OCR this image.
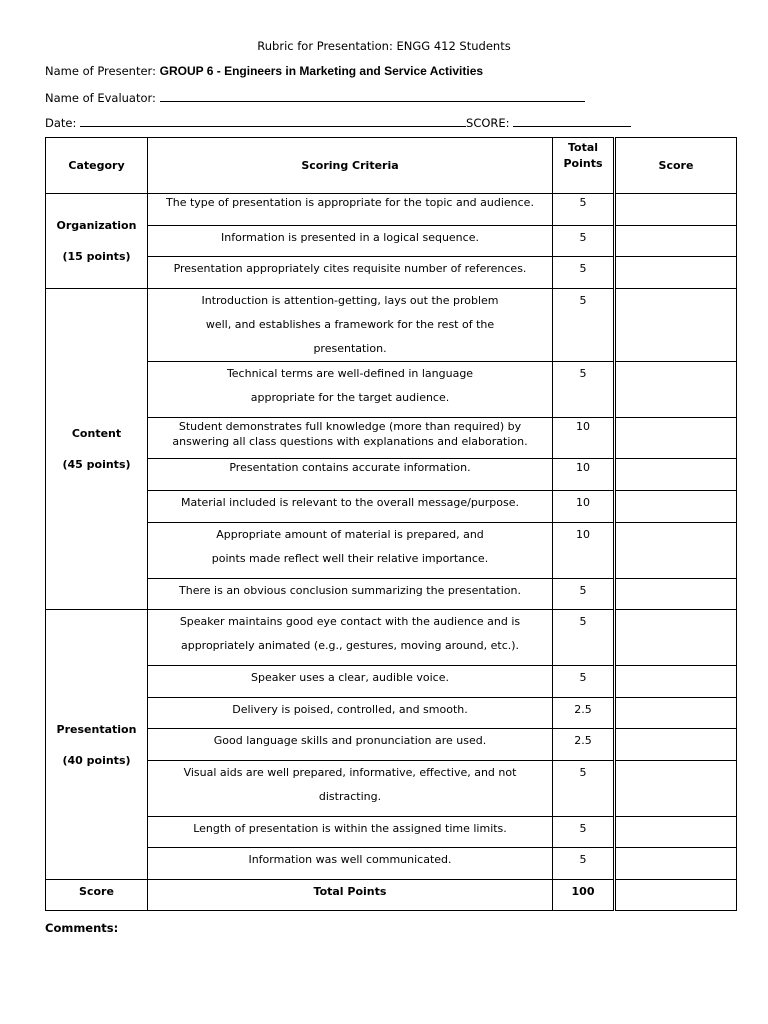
Rubric for Presentation: ENGG 412 Students
Name of Presenter: GROUP 6 - Engineers in Marketing and Service Activities
Name of Evaluator:
Date:	SCORE:
Category	Scoring Criteria	Total Points	Score

Organization
(15 points)	The type of presentation is appropriate for the topic and audience.	5	
	Information is presented in a logical sequence.	5	
	Presentation appropriately cites requisite number of references.	5	

Content
(45 points)	Introduction is attention-getting, lays out the problem well, and establishes a framework for the rest of the presentation.	5	
	Technical terms are well-defined in language appropriate for the target audience.	5	
	Student demonstrates full knowledge (more than required) by answering all class questions with explanations and elaboration.	10	
	Presentation contains accurate information.	10	
	Material included is relevant to the overall message/purpose.	10	
	Appropriate amount of material is prepared, and points made reflect well their relative importance.	10	
	There is an obvious conclusion summarizing the presentation.	5	

Presentation
(40 points)	Speaker maintains good eye contact with the audience and is appropriately animated (e.g., gestures, moving around, etc.).	5	
	Speaker uses a clear, audible voice.	5	
	Delivery is poised, controlled, and smooth.	2.5	
	Good language skills and pronunciation are used.	2.5	
	Visual aids are well prepared, informative, effective, and not distracting.	5	
	Length of presentation is within the assigned time limits.	5	
	Information was well communicated.	5	
Score	Total Points	100	
Comments:
